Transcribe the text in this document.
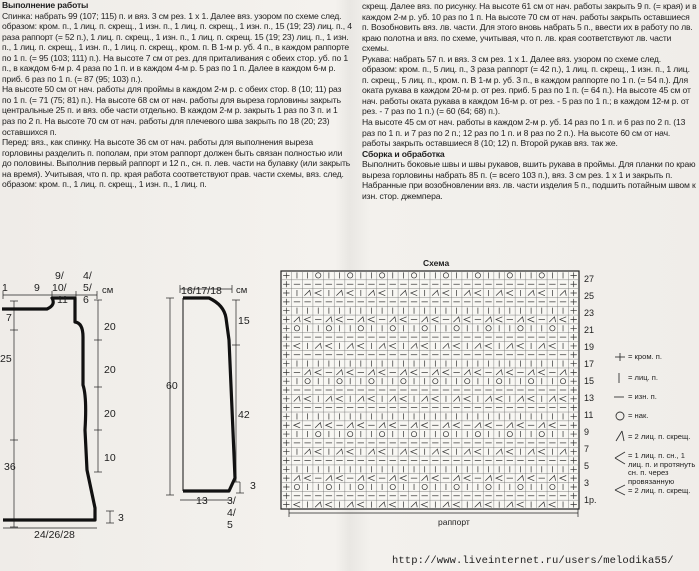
Выполнение работы

Спинка: набрать 99 (107; 115) п. и вяз. 3 см рез. 1 х 1. Далее вяз. узором по схеме след. образом: кром. п., 1 лиц. п. скрещ., 1 изн. п., 1 лиц. п. скрещ., 1 изн. п., 15 (19; 23) лиц. п., 4 раза раппорт (= 52 п.), 1 лиц. п. скрещ., 1 изн. п., 1 лиц. п. скрещ. 15 (19; 23) лиц. п., 1 изн. п., 1 лиц. п. скрещ., 1 изн. п., 1 лиц. п. скрещ., кром. п. В 1-м р. уб. 4 п., в каждом раппорте по 1 п. (= 95 (103; 111) п.). На высоте 7 см от рез. для приталивания с обеих стор. уб. по 1 п., в каждом 6-м р. 4 раза по 1 п. и в каждом 4-м р. 5 раз по 1 п. Далее в каждом 6-м р. приб. 6 раз по 1 п. (= 87 (95; 103) п.).

На высоте 50 см от нач. работы для проймы в каждом 2-м р. с обеих стор. 8 (10; 11) раз по 1 п. (= 71 (75; 81) п.). На высоте 68 см от нач. работы для выреза горловины закрыть центральные 25 п. и вяз. обе части отдельно. В каждом 2-м р. закрыть 1 раз по 3 п. и 1 раз по 2 п. На высоте 70 см от нач. работы для плечевого шва закрыть по 18 (20; 23) оставшихся п.

Перед: вяз., как спинку. На высоте 36 см от нач. работы для выполнения выреза горловины разделить п. пополам, при этом раппорт должен быть связан полностью или до половины. Выполнив первый раппорт и 12 п., сн. п. лев. части на булавку (или закрыть на время). Учитывая, что п. пр. края работа соответствуют прав. части схемы, вяз. след. образом: кром. п., 1 лиц. п. скрещ., 1 изн. п., 1 лиц. п.

скрещ. Далее вяз. по рисунку. На высоте 61 см от нач. работы закрыть 9 п. (= края) и в каждом 2-м р. уб. 10 раз по 1 п. На высоте 70 см от нач. работы закрыть оставшиеся п. Возобновить вяз. лв. части. Для этого вновь набрать 5 п., ввести их в работу по лв. краю полотна и вяз. по схеме, учитывая, что п. лв. края соответствуют лв. части схемы.

Рукава: набрать 57 п. и вяз. 3 см рез. 1 х 1. Далее вяз. узором по схеме след. образом: кром. п., 5 лиц. п., 3 раза раппорт (= 42 п.), 1 лиц. п. скрещ., 1 изн. п., 1 лиц. п. скрещ., 5 лиц. п., кром. п. В 1-м р. уб. 3 п., в каждом раппорте по 1 п. (= 54 п.). Для оката рукава в каждом 20-м р. от рез. приб. 5 раз по 1 п. (= 64 п.). На высоте 45 см от нач. работы оката рукава в каждом 16-м р. от рез. - 5 раз по 1 п.; в каждом 12-м р. от рез. - 7 раз по 1 п.) (= 60 (64; 68) п.).

На высоте 45 см от нач. работы в каждом 2-м р. уб. 14 раз по 1 п. и 6 раз по 2 п. (13 раз по 1 п. и 7 раз по 2 п.; 12 раз по 1 п. и 8 раз по 2 п.). На высоте 60 см от нач. работы закрыть оставшиеся 8 (10; 12) п. Второй рукав вяз. так же.

Сборка и обработка

Выполнить боковые швы и швы рукавов, вшить рукава в проймы. Для планки по краю выреза горловины набрать 85 п. (= всего 103 п.), вяз. 3 см рез. 1 х 1 и закрыть п. Набранные при возобновлении вяз. лв. части изделия 5 п., подшить потайным швом к изн. стор. джемпера.

9/
10/
4/
5/
6
11
см
1 9
7
25
36
20
20
20
10
3
24/26/28
16/17/18 см
15
60
42
3
13 3/
4/
5
Схема
раппорт
27
25
23
21
19
17
15
13
11
9
7
5
3
1р.
= кром. п.
= лиц. п.
= изн. п.
= нак.
= 2 лиц. п. скрещ.
= 1 лиц. п. сн., 1 лиц. п. и протянуть сн. п. через провязанную
= 2 лиц. п. скрещ.
http://www.liveinternet.ru/users/melodika55/
